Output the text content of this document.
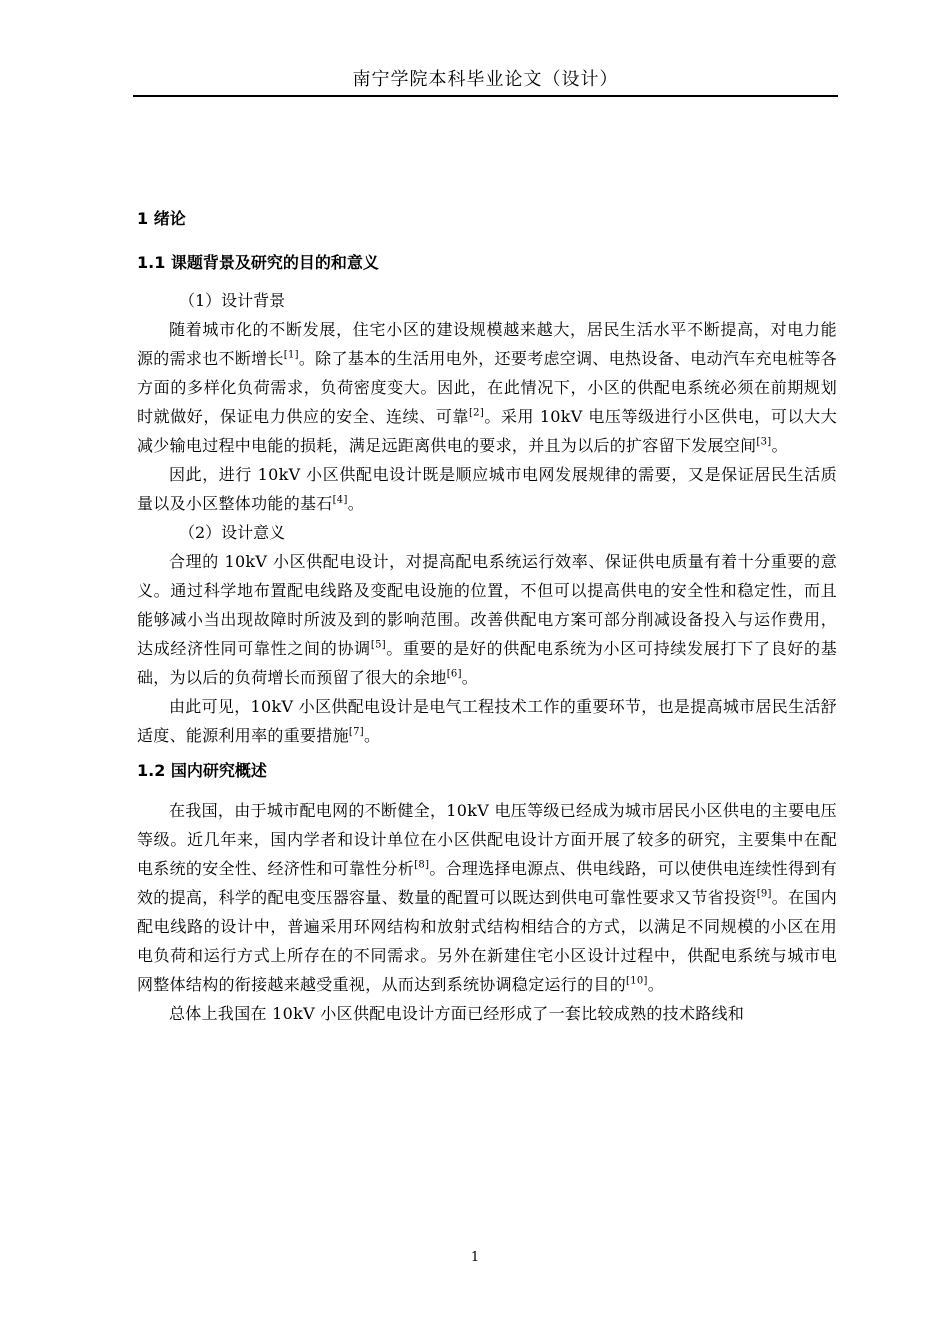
南宁学院本科毕业论文（设计）
1 绪论
1.1 课题背景及研究的目的和意义
（1）设计背景

随着城市化的不断发展，住宅小区的建设规模越来越大，居民生活水平不断提高，对电力能源的需求也不断增长[1]。除了基本的生活用电外，还要考虑空调、电热设备、电动汽车充电桩等各方面的多样化负荷需求，负荷密度变大。因此，在此情况下，小区的供配电系统必须在前期规划时就做好，保证电力供应的安全、连续、可靠[2]。采用 10kV 电压等级进行小区供电，可以大大减少输电过程中电能的损耗，满足远距离供电的要求，并且为以后的扩容留下发展空间[3]。

因此，进行 10kV 小区供配电设计既是顺应城市电网发展规律的需要，又是保证居民生活质量以及小区整体功能的基石[4]。

（2）设计意义

合理的 10kV 小区供配电设计，对提高配电系统运行效率、保证供电质量有着十分重要的意义。通过科学地布置配电线路及变配电设施的位置，不但可以提高供电的安全性和稳定性，而且能够减小当出现故障时所波及到的影响范围。改善供配电方案可部分削减设备投入与运作费用，达成经济性同可靠性之间的协调[5]。重要的是好的供配电系统为小区可持续发展打下了良好的基础，为以后的负荷增长而预留了很大的余地[6]。

由此可见，10kV 小区供配电设计是电气工程技术工作的重要环节，也是提高城市居民生活舒适度、能源利用率的重要措施[7]。

1.2 国内研究概述

在我国，由于城市配电网的不断健全，10kV 电压等级已经成为城市居民小区供电的主要电压等级。近几年来，国内学者和设计单位在小区供配电设计方面开展了较多的研究，主要集中在配电系统的安全性、经济性和可靠性分析[8]。合理选择电源点、供电线路，可以使供电连续性得到有效的提高，科学的配电变压器容量、数量的配置可以既达到供电可靠性要求又节省投资[9]。在国内配电线路的设计中，普遍采用环网结构和放射式结构相结合的方式，以满足不同规模的小区在用电负荷和运行方式上所存在的不同需求。另外在新建住宅小区设计过程中，供配电系统与城市电网整体结构的衔接越来越受重视，从而达到系统协调稳定运行的目的[10]。

总体上我国在 10kV 小区供配电设计方面已经形成了一套比较成熟的技术路线和

1
